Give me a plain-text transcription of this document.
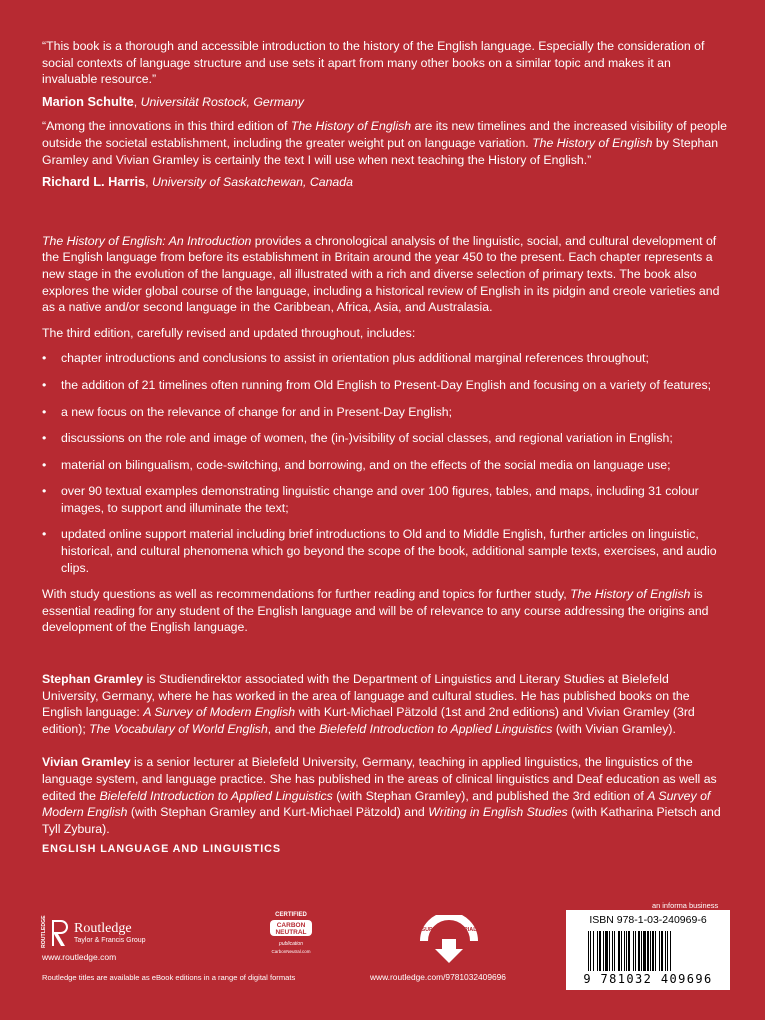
“This book is a thorough and accessible introduction to the history of the English language. Especially the consideration of social contexts of language structure and use sets it apart from many other books on a similar topic and makes it an invaluable resource.”

Marion Schulte, Universität Rostock, Germany

“Among the innovations in this third edition of The History of English are its new timelines and the increased visibility of people outside the societal establishment, including the greater weight put on language variation. The History of English by Stephan Gramley and Vivian Gramley is certainly the text I will use when next teaching the History of English.”

Richard L. Harris, University of Saskatchewan, Canada

The History of English: An Introduction provides a chronological analysis of the linguistic, social, and cultural development of the English language from before its establishment in Britain around the year 450 to the present. Each chapter represents a new stage in the evolution of the language, all illustrated with a rich and diverse selection of primary texts. The book also explores the wider global course of the language, including a historical review of English in its pidgin and creole varieties and as a native and/or second language in the Caribbean, Africa, Asia, and Australasia.

The third edition, carefully revised and updated throughout, includes:

• chapter introductions and conclusions to assist in orientation plus additional marginal references throughout;
• the addition of 21 timelines often running from Old English to Present-Day English and focusing on a variety of features;
• a new focus on the relevance of change for and in Present-Day English;
• discussions on the role and image of women, the (in-)visibility of social classes, and regional variation in English;
• material on bilingualism, code-switching, and borrowing, and on the effects of the social media on language use;
• over 90 textual examples demonstrating linguistic change and over 100 figures, tables, and maps, including 31 colour images, to support and illuminate the text;
• updated online support material including brief introductions to Old and to Middle English, further articles on linguistic, historical, and cultural phenomena which go beyond the scope of the book, additional sample texts, exercises, and audio clips.

With study questions as well as recommendations for further reading and topics for further study, The History of English is essential reading for any student of the English language and will be of relevance to any course addressing the origins and development of the English language.

Stephan Gramley is Studiendirektor associated with the Department of Linguistics and Literary Studies at Bielefeld University, Germany, where he has worked in the area of language and cultural studies. He has published books on the English language: A Survey of Modern English with Kurt-Michael Pätzold (1st and 2nd editions) and Vivian Gramley (3rd edition); The Vocabulary of World English, and the Bielefeld Introduction to Applied Linguistics (with Vivian Gramley).

Vivian Gramley is a senior lecturer at Bielefeld University, Germany, teaching in applied linguistics, the linguistics of the language system, and language practice. She has published in the areas of clinical linguistics and Deaf education as well as edited the Bielefeld Introduction to Applied Linguistics (with Stephan Gramley), and published the 3rd edition of A Survey of Modern English (with Stephan Gramley and Kurt-Michael Pätzold) and Writing in English Studies (with Katharina Pietsch and Tyll Zybura).

ENGLISH LANGUAGE AND LINGUISTICS
ROUTLEDGE Routledge
Taylor & Francis Group
www.routledge.com
Routledge titles are available as eBook editions in a range of digital formats
CERTIFIED
CARBON
NEUTRAL
publication
CarbonNeutral.com
SUPPORT MATERIAL
www.routledge.com/9781032409696
an informa business
ISBN 978-1-03-240969-6
9 781032 409696
